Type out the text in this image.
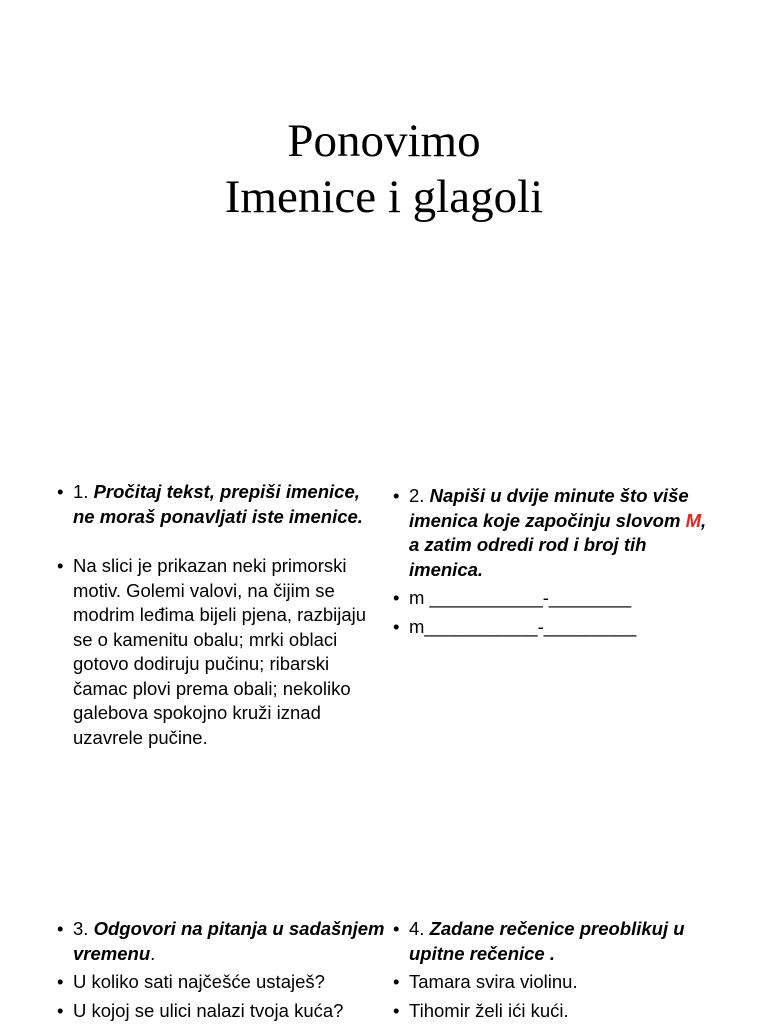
Ponovimo
Imenice i glagoli
• 1. Pročitaj tekst, prepiši imenice, ne moraš ponavljati iste imenice.
• Na slici je prikazan neki primorski motiv. Golemi valovi, na čijim se modrim leđima bijeli pjena, razbijaju se o kamenitu obalu; mrki oblaci gotovo dodiruju pučinu; ribarski čamac plovi prema obali; nekoliko galebova spokojno kruži iznad uzavrele pučine.
• 2. Napiši u dvije minute što više imenica koje započinju slovom M, a zatim odredi rod i broj tih imenica.
• m ___________-________
• m___________-_________
• 3. Odgovori na pitanja u sadašnjem vremenu.
• U koliko sati najčešće ustaješ?
• U kojoj se ulici nalazi tvoja kuća?
• 4. Zadane rečenice preoblikuj u upitne rečenice .
• Tamara svira violinu.
• Tihomir želi ići kući.
